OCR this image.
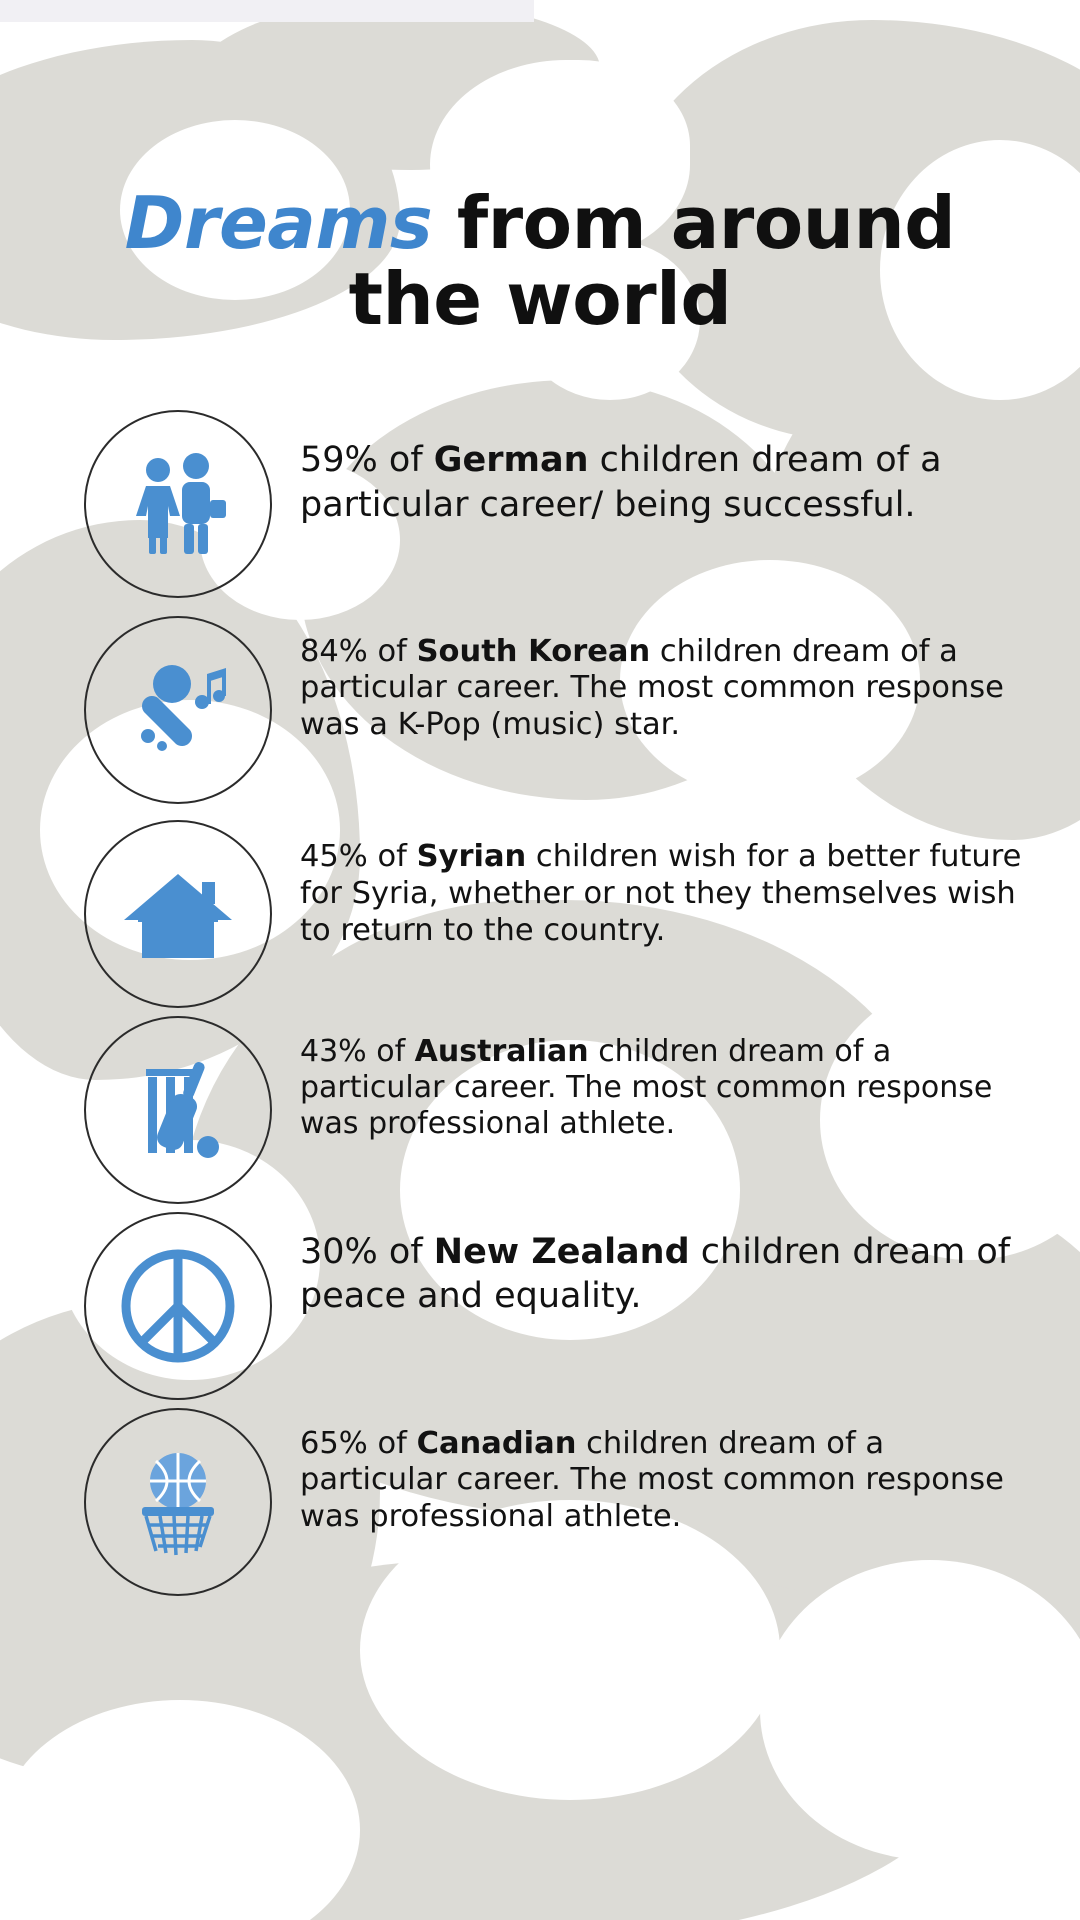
Dreams from around the world

59% of German children dream of a particular career/ being successful.

84% of South Korean children dream of a particular career. The most common response was a K-Pop (music) star.

45% of Syrian children wish for a better future for Syria, whether or not they themselves wish to return to the country.

43% of Australian children dream of a particular career. The most common response was professional athlete.

30% of New Zealand children dream of peace and equality.

65% of Canadian children dream of a particular career. The most common response was professional athlete.
